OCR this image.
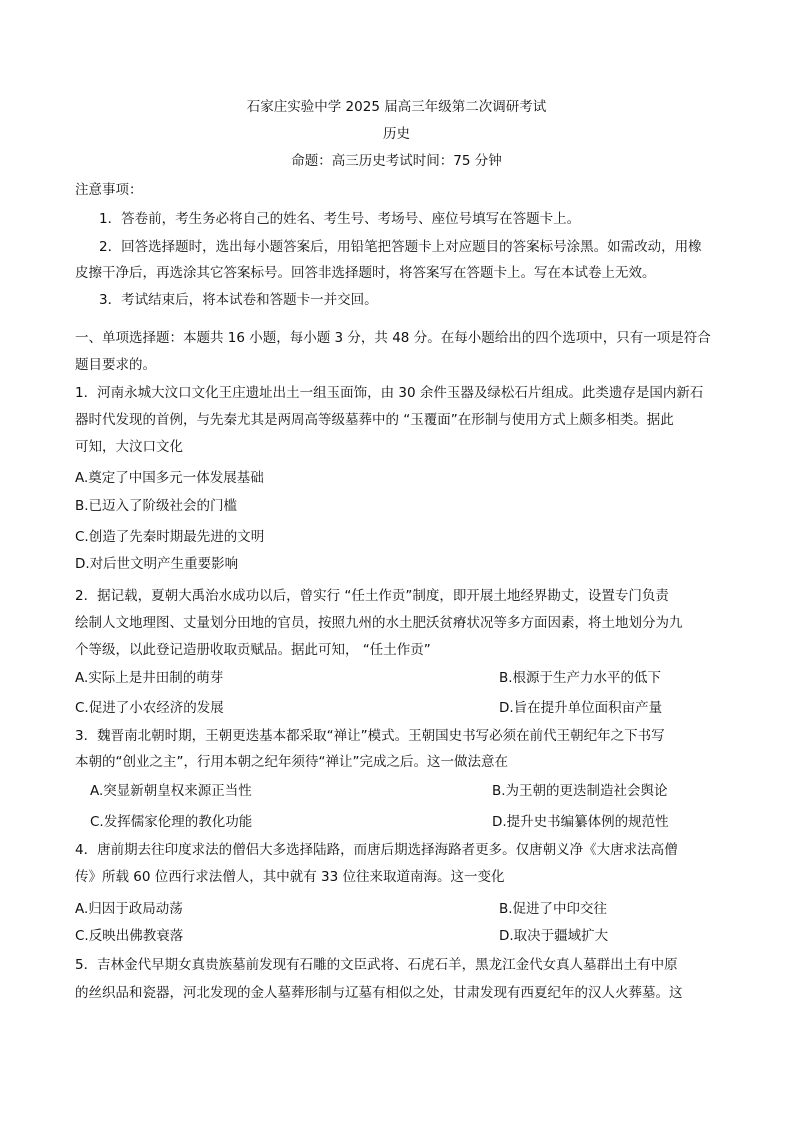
石家庄实验中学 2025 届高三年级第二次调研考试
历史
命题：高三历史考试时间：75 分钟
注意事项：
1．答卷前，考生务必将自己的姓名、考生号、考场号、座位号填写在答题卡上。
2．回答选择题时，选出每小题答案后，用铅笔把答题卡上对应题目的答案标号涂黑。如需改动，用橡
皮擦干净后，再选涂其它答案标号。回答非选择题时，将答案写在答题卡上。写在本试卷上无效。
3．考试结束后，将本试卷和答题卡一并交回。
一、单项选择题：本题共 16 小题，每小题 3 分，共 48 分。在每小题给出的四个选项中，只有一项是符合
题目要求的。
1．河南永城大汶口文化王庄遗址出土一组玉面饰，由 30 余件玉器及绿松石片组成。此类遗存是国内新石
器时代发现的首例，与先秦尤其是两周高等级墓葬中的 “玉覆面”在形制与使用方式上颇多相类。据此
可知，大汶口文化
A.奠定了中国多元一体发展基础
B.已迈入了阶级社会的门槛
C.创造了先秦时期最先进的文明
D.对后世文明产生重要影响
2．据记载，夏朝大禹治水成功以后，曾实行 “任土作贡”制度，即开展土地经界勘丈，设置专门负责
绘制人文地理图、丈量划分田地的官员，按照九州的水土肥沃贫瘠状况等多方面因素，将土地划分为九
个等级，以此登记造册收取贡赋品。据此可知， “任土作贡”
A.实际上是井田制的萌芽	B.根源于生产力水平的低下
C.促进了小农经济的发展	D.旨在提升单位面积亩产量
3．魏晋南北朝时期，王朝更迭基本都采取“禅让”模式。王朝国史书写必须在前代王朝纪年之下书写
本朝的“创业之主”，行用本朝之纪年须待“禅让”完成之后。这一做法意在
A.突显新朝皇权来源正当性	B.为王朝的更迭制造社会舆论
C.发挥儒家伦理的教化功能	D.提升史书编纂体例的规范性
4．唐前期去往印度求法的僧侣大多选择陆路，而唐后期选择海路者更多。仅唐朝义净《大唐求法高僧
传》所载 60 位西行求法僧人，其中就有 33 位往来取道南海。这一变化
A.归因于政局动荡	B.促进了中印交往
C.反映出佛教衰落	D.取决于疆域扩大
5．吉林金代早期女真贵族墓前发现有石雕的文臣武将、石虎石羊，黑龙江金代女真人墓群出土有中原
的丝织品和瓷器，河北发现的金人墓葬形制与辽墓有相似之处，甘肃发现有西夏纪年的汉人火葬墓。这
